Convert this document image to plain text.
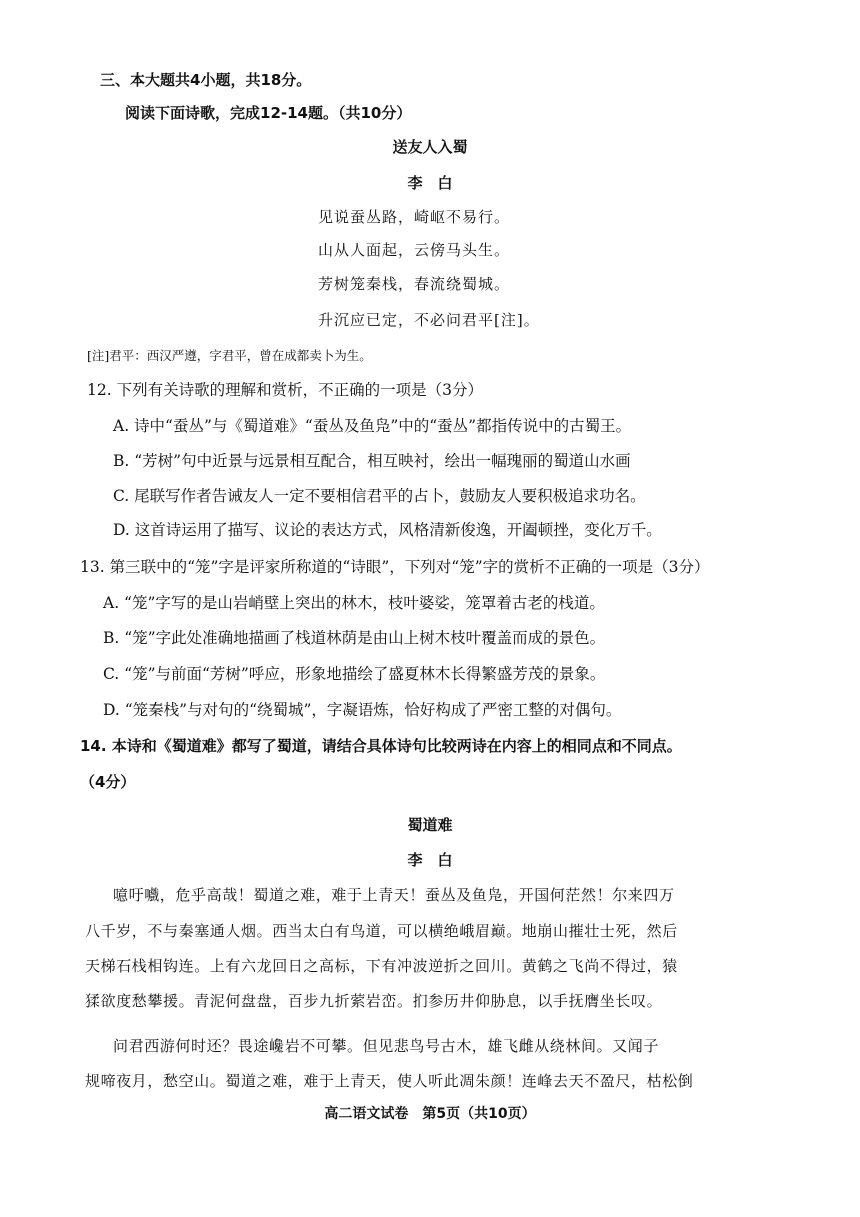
三、本大题共4小题，共18分。
阅读下面诗歌，完成12-14题。（共10分）
送友人入蜀
李　白
见说蚕丛路，崎岖不易行。
山从人面起，云傍马头生。
芳树笼秦栈，春流绕蜀城。
升沉应已定，不必问君平[注]。
[注]君平：西汉严遵，字君平，曾在成都卖卜为生。
12. 下列有关诗歌的理解和赏析，不正确的一项是（3分）
A. 诗中“蚕丛”与《蜀道难》“蚕丛及鱼凫”中的“蚕丛”都指传说中的古蜀王。
B. “芳树”句中近景与远景相互配合，相互映衬，绘出一幅瑰丽的蜀道山水画
C. 尾联写作者告诫友人一定不要相信君平的占卜，鼓励友人要积极追求功名。
D. 这首诗运用了描写、议论的表达方式，风格清新俊逸，开阖顿挫，变化万千。
13. 第三联中的“笼”字是评家所称道的“诗眼”，下列对“笼”字的赏析不正确的一项是（3分）
A. “笼”字写的是山岩峭壁上突出的林木，枝叶婆娑，笼罩着古老的栈道。
B. “笼”字此处准确地描画了栈道林荫是由山上树木枝叶覆盖而成的景色。
C. “笼”与前面“芳树”呼应，形象地描绘了盛夏林木长得繁盛芳茂的景象。
D. “笼秦栈”与对句的“绕蜀城”，字凝语炼，恰好构成了严密工整的对偶句。
14. 本诗和《蜀道难》都写了蜀道，请结合具体诗句比较两诗在内容上的相同点和不同点。
（4分）
蜀道难
李　白
噫吁嚱，危乎高哉！蜀道之难，难于上青天！蚕丛及鱼凫，开国何茫然！尔来四万
八千岁，不与秦塞通人烟。西当太白有鸟道，可以横绝峨眉巅。地崩山摧壮士死，然后
天梯石栈相钩连。上有六龙回日之高标，下有冲波逆折之回川。黄鹤之飞尚不得过，猿
猱欲度愁攀援。青泥何盘盘，百步九折萦岩峦。扪参历井仰胁息，以手抚膺坐长叹。
问君西游何时还？畏途巉岩不可攀。但见悲鸟号古木，雄飞雌从绕林间。又闻子
规啼夜月，愁空山。蜀道之难，难于上青天，使人听此凋朱颜！连峰去天不盈尺，枯松倒
高二语文试卷　第5页（共10页）
